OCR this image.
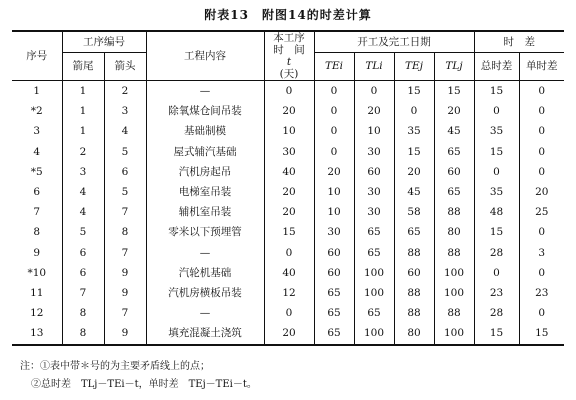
附表13　附图14的时差计算
序号	工序编号		工程内容	本工序
时　间
t
(天)	开工及完工日期				时　差	
	箭尾	箭头			TEi	TLi	TEj	TLj	总时差	单时差
1	1	2	—	0	0	0	15	15	15	0
*2	1	3	除氧煤仓间吊装	20	0	20	0	20	0	0
3	1	4	基础制模	10	0	10	35	45	35	0
4	2	5	屋式辅汽基础	30	0	30	15	65	15	0
*5	3	6	汽机房起吊	40	20	60	20	60	0	0
6	4	5	电梯室吊装	20	10	30	45	65	35	20
7	4	7	辅机室吊装	20	10	30	58	88	48	25
8	5	8	零米以下预埋管	15	30	65	65	80	15	0
9	6	7	—	0	60	65	88	88	28	3
*10	6	9	汽轮机基础	40	60	100	60	100	0	0
11	7	9	汽机房横板吊装	12	65	100	88	100	23	23
12	8	7	—	0	65	65	88	88	28	0
13	8	9	填充混凝土浇筑	20	65	100	80	100	15	15
注：①表中带＊号的为主要矛盾线上的点；
②总时差　TLj－TEi－t，单时差　TEj－TEi－t。
